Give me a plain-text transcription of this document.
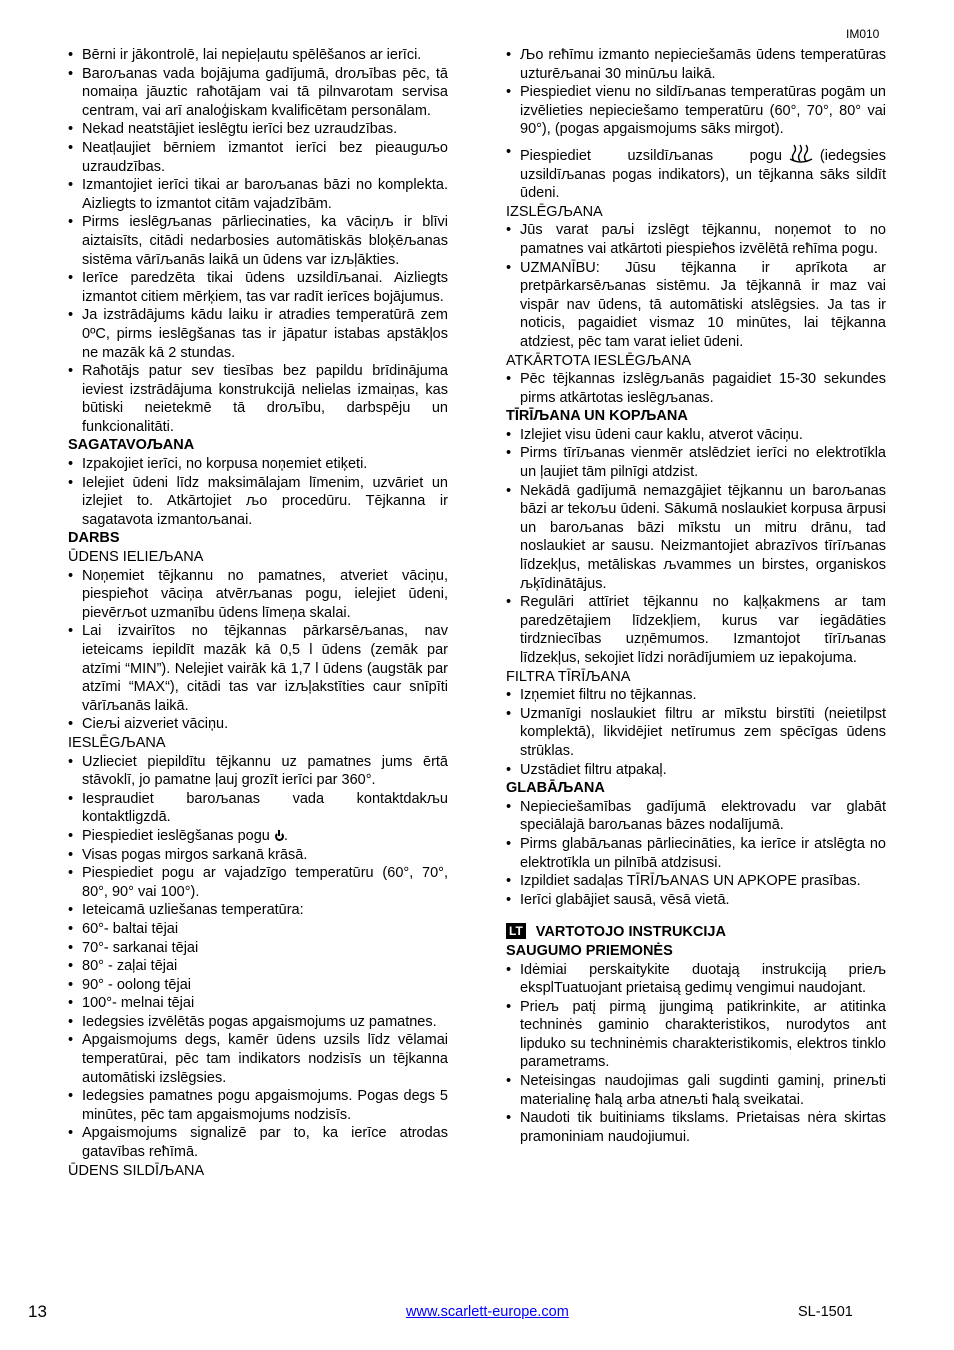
IM010
• Bērni ir jākontrolē, lai nepieļautu spēlēšanos ar ierīci.
• Baroљanas vada bojājuma gadījumā, droљības pēc, tā nomaiņa jāuztic raћotājam vai tā pilnvarotam servisa centram, vai arī analoģiskam kvalificētam personālam.
• Nekad neatstājiet ieslēgtu ierīci bez uzraudzības.
• Neatļaujiet bērniem izmantot ierīci bez pieauguљo uzraudzības.
• Izmantojiet ierīci tikai ar baroљanas bāzi no komplekta. Aizliegts to izmantot citām vajadzībām.
• Pirms ieslēgљanas pārliecinaties, ka vāciņљ ir blīvi aiztaisīts, citādi nedarbosies automātiskās bloķēљanas sistēma vārīљanās laikā un ūdens var izљļākties.
• Ierīce paredzēta tikai ūdens uzsildīљanai. Aizliegts izmantot citiem mērķiem, tas var radīt ierīces bojājumus.
• Ja izstrādājums kādu laiku ir atradies temperatūrā zem 0ºC, pirms ieslēgšanas tas ir jāpatur istabas apstākļos ne mazāk kā 2 stundas.
• Raћotājs patur sev tiesības bez papildu brīdinājuma ieviest izstrādājuma konstrukcijā nelielas izmaiņas, kas būtiski neietekmē tā droљību, darbspēju un funkcionalitāti.
SAGATAVOЉANA
• Izpakojiet ierīci, no korpusa noņemiet etiķeti.
• Ielejiet ūdeni līdz maksimālajam līmenim, uzvāriet un izlejiet to. Atkārtojiet љo procedūru. Tējkanna ir sagatavota izmantoљanai.
DARBS
ŪDENS IELIEЉANA
• Noņemiet tējkannu no pamatnes, atveriet vāciņu, piespieћot vāciņa atvērљanas pogu, ielejiet ūdeni, pievērљot uzmanību ūdens līmeņa skalai.
• Lai izvairītos no tējkannas pārkarsēљanas, nav ieteicams iepildīt mazāk kā 0,5 l ūdens (zemāk par atzīmi “MIN”). Nelejiet vairāk kā 1,7 l ūdens (augstāk par atzīmi “MAX“), citādi tas var izљļakstīties caur snīpīti vārīљanās laikā.
• Cieљi aizveriet vāciņu.
IESLĒGЉANA
• Uzlieciet piepildītu tējkannu uz pamatnes jums ērtā stāvoklī, jo pamatne ļauj grozīt ierīci par 360°.
• Iespraudiet baroљanas vada kontaktdakљu kontaktligzdā.
• Piespiediet ieslēgšanas pogu .
• Visas pogas mirgos sarkanā krāsā.
• Piespiediet pogu ar vajadzīgo temperatūru (60°, 70°, 80°, 90° vai 100°).
• Ieteicamā uzliešanas temperatūra:
• 60°- baltai tējai
• 70°- sarkanai tējai
• 80° - zaļai tējai
• 90° - oolong tējai
• 100°- melnai tējai
• Iedegsies izvēlētās pogas apgaismojums uz pamatnes.
• Apgaismojums degs, kamēr ūdens uzsils līdz vēlamai temperatūrai, pēc tam indikators nodzisīs un tējkanna automātiski izslēgsies.
• Iedegsies pamatnes pogu apgaismojums. Pogas degs 5 minūtes, pēc tam apgaismojums nodzisīs.
• Apgaismojums signalizē par to, ka ierīce atrodas gatavības reћīmā.
ŪDENS SILDĪЉANA
• Љo reћīmu izmanto nepieciešamās ūdens temperatūras uzturēљanai 30 minūљu laikā.
• Piespiediet vienu no sildīљanas temperatūras pogām un izvēlieties nepieciešamo temperatūru (60°, 70°, 80° vai 90°), (pogas apgaismojums sāks mirgot).
• Piespiediet uzsildīљanas pogu	(iedegsies uzsildīљanas pogas indikators), un tējkanna sāks sildīt ūdeni.
IZSLĒGЉANA
• Jūs varat paљi izslēgt tējkannu, noņemot to no pamatnes vai atkārtoti piespieћos izvēlētā reћīma pogu.
• UZMANĪBU: Jūsu tējkanna ir aprīkota ar pretpārkarsēљanas sistēmu. Ja tējkannā ir maz vai vispār nav ūdens, tā automātiski atslēgsies. Ja tas ir noticis, pagaidiet vismaz 10 minūtes, lai tējkanna atdziest, pēc tam varat ieliet ūdeni.
ATKĀRTOTA IESLĒGЉANA
• Pēc tējkannas izslēgљanās pagaidiet 15-30 sekundes pirms atkārtotas ieslēgљanas.
TĪRĪЉANA UN KOPЉANA
• Izlejiet visu ūdeni caur kaklu, atverot vāciņu.
• Pirms tīrīљanas vienmēr atslēdziet ierīci no elektrotīkla un ļaujiet tām pilnīgi atdzist.
• Nekādā gadījumā nemazgājiet tējkannu un baroљanas bāzi ar tekoљu ūdeni. Sākumā noslaukiet korpusa ārpusi un baroљanas bāzi mīkstu un mitru drānu, tad noslaukiet ar sausu. Neizmantojiet abrazīvos tīrīљanas līdzekļus, metāliskas љvammes un birstes, organiskos љķīdinātājus.
• Regulāri attīriet tējkannu no kaļķakmens ar tam paredzētajiem līdzekļiem, kurus var iegādāties tirdzniecības uzņēmumos. Izmantojot tīrīљanas līdzekļus, sekojiet līdzi norādījumiem uz iepakojuma.
FILTRA TĪRĪЉANA
• Izņemiet filtru no tējkannas.
• Uzmanīgi noslaukiet filtru ar mīkstu birstīti (neietilpst komplektā), likvidējiet netīrumus zem spēcīgas ūdens strūklas.
• Uzstādiet filtru atpakaļ.
GLABĀЉANA
• Nepieciešamības gadījumā elektrovadu var glabāt speciālajā baroљanas bāzes nodalījumā.
• Pirms glabāљanas pārliecināties, ka ierīce ir atslēgta no elektrotīkla un pilnībā atdzisusi.
• Izpildiet sadaļas TĪRĪЉANAS UN APKOPE prasības.
• Ierīci glabājiet sausā, vēsā vietā.
LT VARTOTOJO INSTRUKCIJA
SAUGUMO PRIEMONĖS
• Idėmiai perskaitykite duotają instrukciją prieљ eksplTuatuojant prietaisą gedimų vengimui naudojant.
• Prieљ patį pirmą įjungimą patikrinkite, ar atitinka techninės gaminio charakteristikos, nurodytos ant lipduko su techninėmis charakteristikomis, elektros tinklo parametrams.
• Neteisingas naudojimas gali sugdinti gaminį, prineљti materialinę ћalą arba atneљti ћalą sveikatai.
• Naudoti tik buitiniams tikslams. Prietaisas nėra skirtas pramoniniam naudojiumui.
13	www.scarlett-europe.com	SL-1501
